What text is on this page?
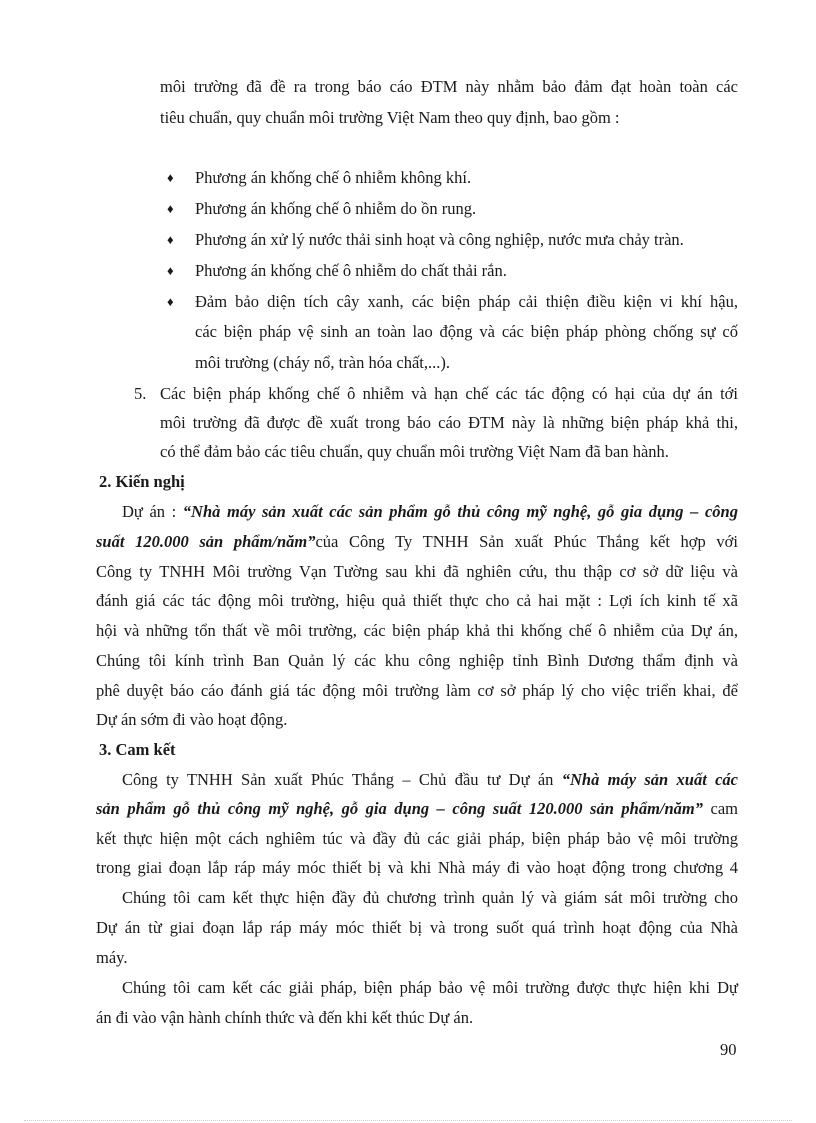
môi trường đã đề ra trong báo cáo ĐTM này nhằm bảo đảm đạt hoàn toàn các
tiêu chuẩn, quy chuẩn môi trường Việt Nam theo quy định, bao gồm :
♦ Phương án khống chế ô nhiễm không khí.
♦ Phương án khống chế ô nhiễm do ồn rung.
♦ Phương án xử lý nước thải sinh hoạt và công nghiệp, nước mưa chảy tràn.
♦ Phương án khống chế ô nhiễm do chất thải rắn.
♦ Đảm bảo diện tích cây xanh, các biện pháp cải thiện điều kiện vi khí hậu,
các biện pháp vệ sinh an toàn lao động và các biện pháp phòng chống sự cố
môi trường (cháy nổ, tràn hóa chất,...).
5. Các biện pháp khống chế ô nhiễm và hạn chế các tác động có hại của dự án tới
môi trường đã được đề xuất trong báo cáo ĐTM này là những biện pháp khả thi,
có thể đảm bảo các tiêu chuẩn, quy chuẩn môi trường Việt Nam đã ban hành.
2. Kiến nghị
Dự án : “Nhà máy sản xuất các sản phẩm gỗ thủ công mỹ nghệ, gỗ gia dụng – công
suất 120.000 sản phẩm/năm”của Công Ty TNHH Sản xuất Phúc Thắng kết hợp với
Công ty TNHH Môi trường Vạn Tường sau khi đã nghiên cứu, thu thập cơ sở dữ liệu và
đánh giá các tác động môi trường, hiệu quả thiết thực cho cả hai mặt : Lợi ích kinh tế xã
hội và những tổn thất về môi trường, các biện pháp khả thi khống chế ô nhiễm của Dự án,
Chúng tôi kính trình Ban Quản lý các khu công nghiệp tỉnh Bình Dương thẩm định và
phê duyệt báo cáo đánh giá tác động môi trường làm cơ sở pháp lý cho việc triển khai, để
Dự án sớm đi vào hoạt động.
3. Cam kết
Công ty TNHH Sản xuất Phúc Thắng – Chủ đầu tư Dự án “Nhà máy sản xuất các
sản phẩm gỗ thủ công mỹ nghệ, gỗ gia dụng – công suất 120.000 sản phẩm/năm” cam
kết thực hiện một cách nghiêm túc và đầy đủ các giải pháp, biện pháp bảo vệ môi trường
trong giai đoạn lắp ráp máy móc thiết bị và khi Nhà máy đi vào hoạt động trong chương 4
Chúng tôi cam kết thực hiện đầy đủ chương trình quản lý và giám sát môi trường cho
Dự án từ giai đoạn lắp ráp máy móc thiết bị và trong suốt quá trình hoạt động của Nhà
máy.
Chúng tôi cam kết các giải pháp, biện pháp bảo vệ môi trường được thực hiện khi Dự
án đi vào vận hành chính thức và đến khi kết thúc Dự án.
90
